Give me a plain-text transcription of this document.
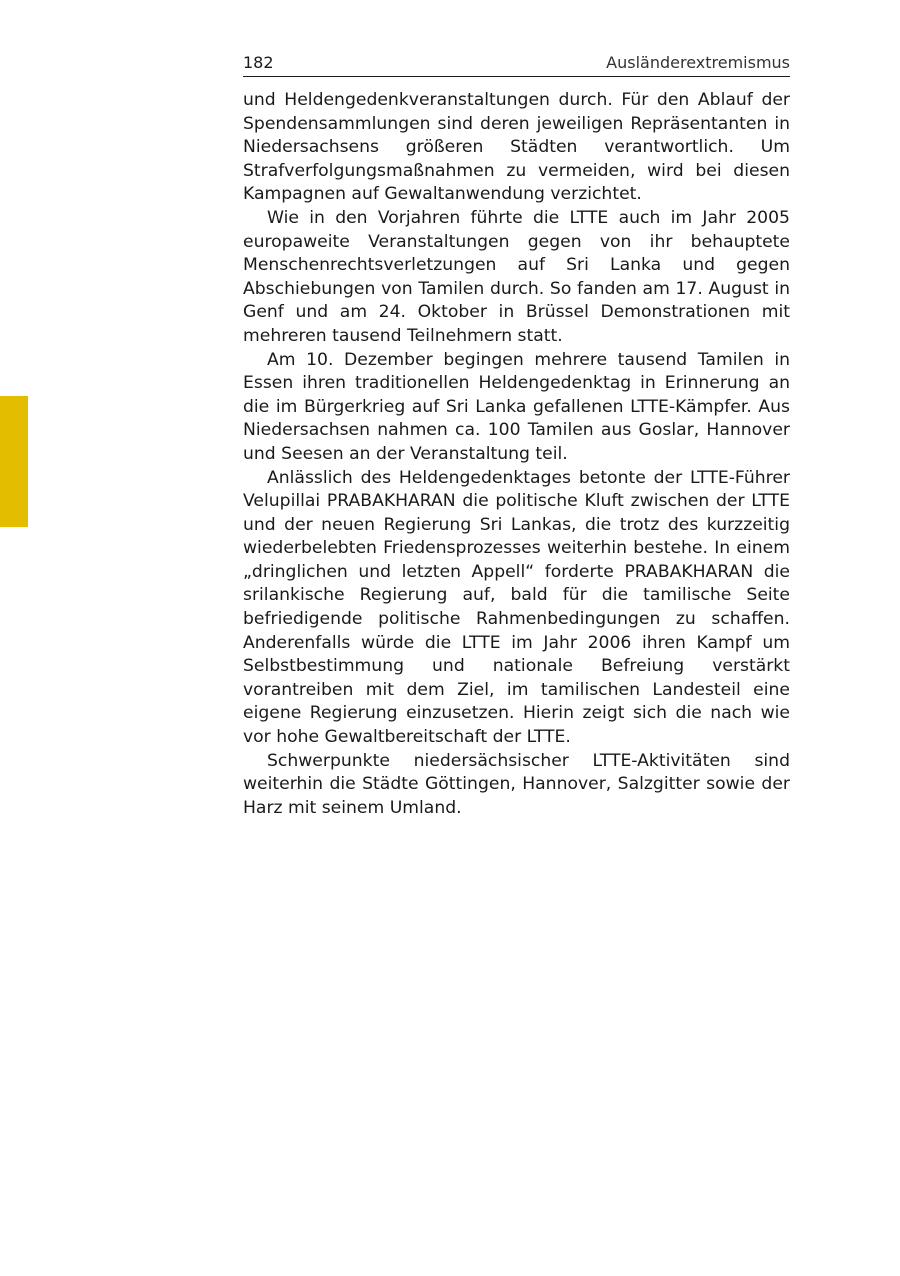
182	Ausländerextremismus

und Heldengedenkveranstaltungen durch. Für den Ablauf der Spendensammlungen sind deren jeweiligen Repräsentanten in Niedersachsens größeren Städten verantwortlich. Um Strafverfolgungsmaßnahmen zu vermeiden, wird bei diesen Kampagnen auf Gewaltanwendung verzichtet.

Wie in den Vorjahren führte die LTTE auch im Jahr 2005 europaweite Veranstaltungen gegen von ihr behauptete Menschenrechtsverletzungen auf Sri Lanka und gegen Abschiebungen von Tamilen durch. So fanden am 17. August in Genf und am 24. Oktober in Brüssel Demonstrationen mit mehreren tausend Teilnehmern statt.

Am 10. Dezember begingen mehrere tausend Tamilen in Essen ihren traditionellen Heldengedenktag in Erinnerung an die im Bürgerkrieg auf Sri Lanka gefallenen LTTE-Kämpfer. Aus Niedersachsen nahmen ca. 100 Tamilen aus Goslar, Hannover und Seesen an der Veranstaltung teil.

Anlässlich des Heldengedenktages betonte der LTTE-Führer Velupillai PRABAKHARAN die politische Kluft zwischen der LTTE und der neuen Regierung Sri Lankas, die trotz des kurzzeitig wiederbelebten Friedensprozesses weiterhin bestehe. In einem „dringlichen und letzten Appell“ forderte PRABAKHARAN die srilankische Regierung auf, bald für die tamilische Seite befriedigende politische Rahmenbedingungen zu schaffen. Anderenfalls würde die LTTE im Jahr 2006 ihren Kampf um Selbstbestimmung und nationale Befreiung verstärkt vorantreiben mit dem Ziel, im tamilischen Landesteil eine eigene Regierung einzusetzen. Hierin zeigt sich die nach wie vor hohe Gewaltbereitschaft der LTTE.

Schwerpunkte niedersächsischer LTTE-Aktivitäten sind weiterhin die Städte Göttingen, Hannover, Salzgitter sowie der Harz mit seinem Umland.
